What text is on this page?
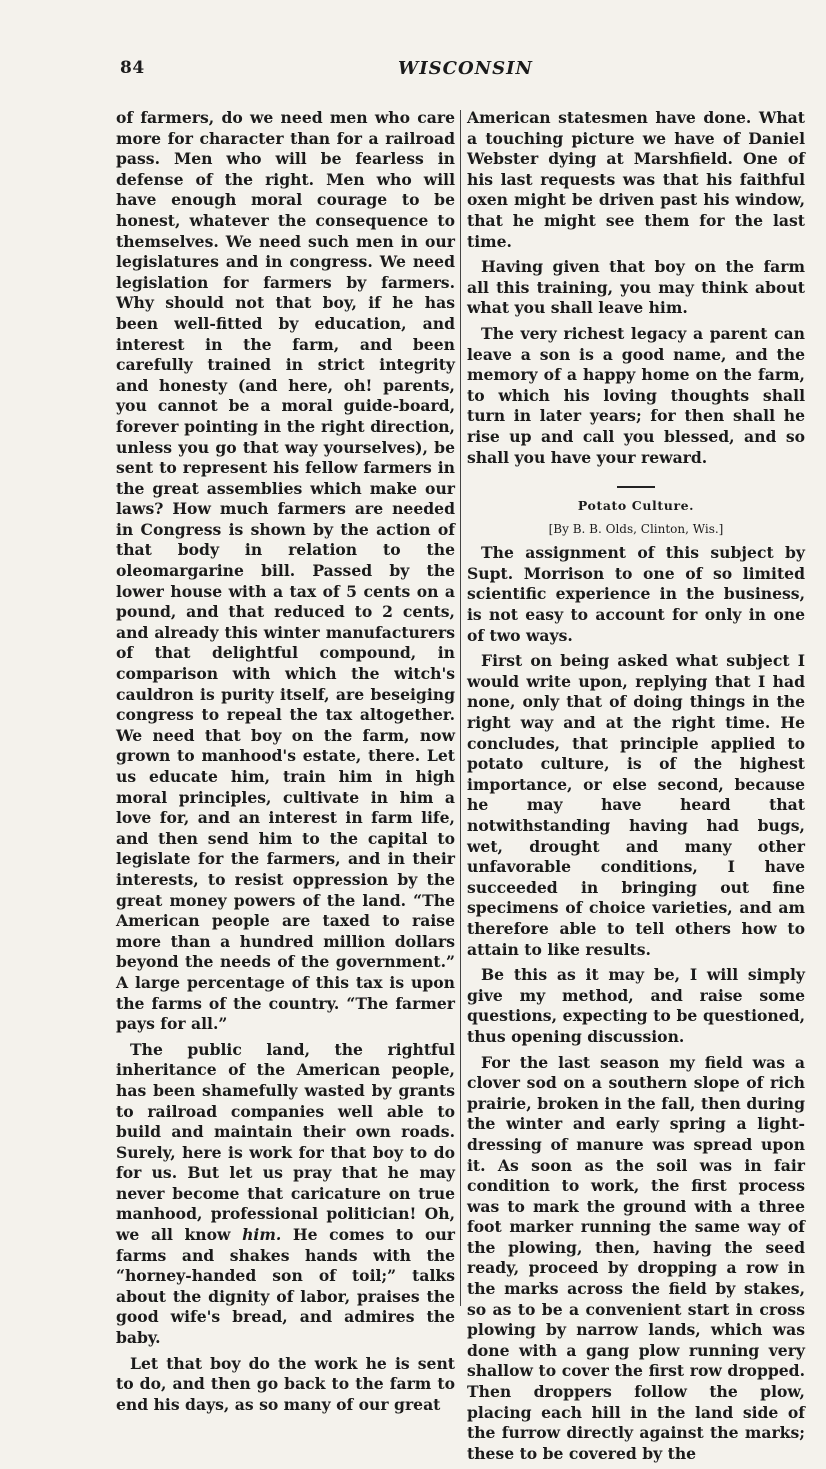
84	WISCONSIN

of farmers, do we need men who care more for character than for a railroad pass. Men who will be fearless in defense of the right. Men who will have enough moral courage to be honest, whatever the consequence to themselves. We need such men in our legislatures and in congress. We need legislation for farmers by farmers. Why should not that boy, if he has been well-fitted by education, and interest in the farm, and been carefully trained in strict integrity and honesty (and here, oh! parents, you cannot be a moral guide-board, forever pointing in the right direction, unless you go that way yourselves), be sent to represent his fellow farmers in the great assemblies which make our laws? How much farmers are needed in Congress is shown by the action of that body in relation to the oleomargarine bill. Passed by the lower house with a tax of 5 cents on a pound, and that reduced to 2 cents, and already this winter manufacturers of that delightful compound, in comparison with which the witch's cauldron is purity itself, are beseiging congress to repeal the tax altogether. We need that boy on the farm, now grown to manhood's estate, there. Let us educate him, train him in high moral principles, cultivate in him a love for, and an interest in farm life, and then send him to the capital to legislate for the farmers, and in their interests, to resist oppression by the great money powers of the land. “The American people are taxed to raise more than a hundred million dollars beyond the needs of the government.” A large percentage of this tax is upon the farms of the country. “The farmer pays for all.”

The public land, the rightful inheritance of the American people, has been shamefully wasted by grants to railroad companies well able to build and maintain their own roads. Surely, here is work for that boy to do for us. But let us pray that he may never become that caricature on true manhood, professional politician! Oh, we all know him. He comes to our farms and shakes hands with the “horney-handed son of toil;” talks about the dignity of labor, praises the good wife's bread, and admires the baby.

Let that boy do the work he is sent to do, and then go back to the farm to end his days, as so many of our great

American statesmen have done. What a touching picture we have of Daniel Webster dying at Marshfield. One of his last requests was that his faithful oxen might be driven past his window, that he might see them for the last time.

Having given that boy on the farm all this training, you may think about what you shall leave him.

The very richest legacy a parent can leave a son is a good name, and the memory of a happy home on the farm, to which his loving thoughts shall turn in later years; for then shall he rise up and call you blessed, and so shall you have your reward.

Potato Culture.
[By B. B. Olds, Clinton, Wis.]

The assignment of this subject by Supt. Morrison to one of so limited scientific experience in the business, is not easy to account for only in one of two ways.

First on being asked what subject I would write upon, replying that I had none, only that of doing things in the right way and at the right time. He concludes, that principle applied to potato culture, is of the highest importance, or else second, because he may have heard that notwithstanding having had bugs, wet, drought and many other unfavorable conditions, I have succeeded in bringing out fine specimens of choice varieties, and am therefore able to tell others how to attain to like results.

Be this as it may be, I will simply give my method, and raise some questions, expecting to be questioned, thus opening discussion.

For the last season my field was a clover sod on a southern slope of rich prairie, broken in the fall, then during the winter and early spring a light-dressing of manure was spread upon it. As soon as the soil was in fair condition to work, the first process was to mark the ground with a three foot marker running the same way of the plowing, then, having the seed ready, proceed by dropping a row in the marks across the field by stakes, so as to be a convenient start in cross plowing by narrow lands, which was done with a gang plow running very shallow to cover the first row dropped. Then droppers follow the plow, placing each hill in the land side of the furrow directly against the marks; these to be covered by the
